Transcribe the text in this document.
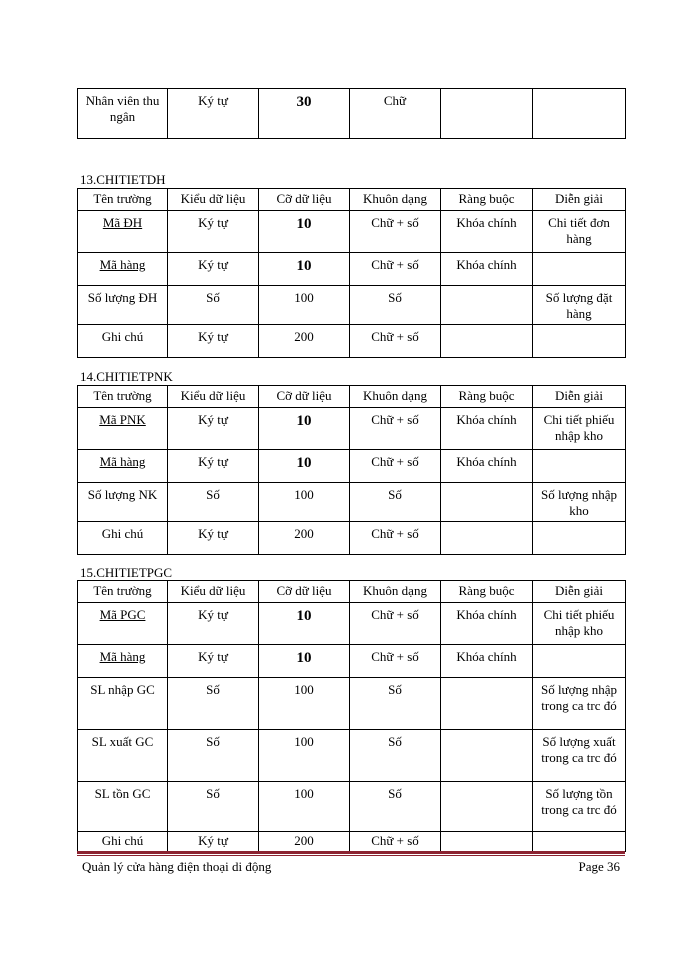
Nhân viên thu ngân	Ký tự	30	Chữ		
13.CHITIETDH
Tên trường	Kiểu dữ liệu	Cỡ dữ liệu	Khuôn dạng	Ràng buộc	Diễn giải
Mã ĐH	Ký tự	10	Chữ + số	Khóa chính	Chi tiết đơn hàng
Mã hàng	Ký tự	10	Chữ + số	Khóa chính	
Số lượng ĐH	Số	100	Số		Số lượng đặt hàng
Ghi chú	Ký tự	200	Chữ + số		
14.CHITIETPNK
Tên trường	Kiểu dữ liệu	Cỡ dữ liệu	Khuôn dạng	Ràng buộc	Diễn giải
Mã PNK	Ký tự	10	Chữ + số	Khóa chính	Chi tiết phiếu nhập kho
Mã hàng	Ký tự	10	Chữ + số	Khóa chính	
Số lượng NK	Số	100	Số		Số lượng nhập kho
Ghi chú	Ký tự	200	Chữ + số		
15.CHITIETPGC
Tên trường	Kiểu dữ liệu	Cỡ dữ liệu	Khuôn dạng	Ràng buộc	Diễn giải
Mã PGC	Ký tự	10	Chữ + số	Khóa chính	Chi tiết phiếu nhập kho
Mã hàng	Ký tự	10	Chữ + số	Khóa chính	
SL nhập GC	Số	100	Số		Số lượng nhập trong ca trc đó
SL xuất GC	Số	100	Số		Số lượng xuất trong ca trc đó
SL tồn GC	Số	100	Số		Số lượng tồn trong ca trc đó
Ghi chú	Ký tự	200	Chữ + số		
Quản lý cửa hàng điện thoại di động	Page 36
